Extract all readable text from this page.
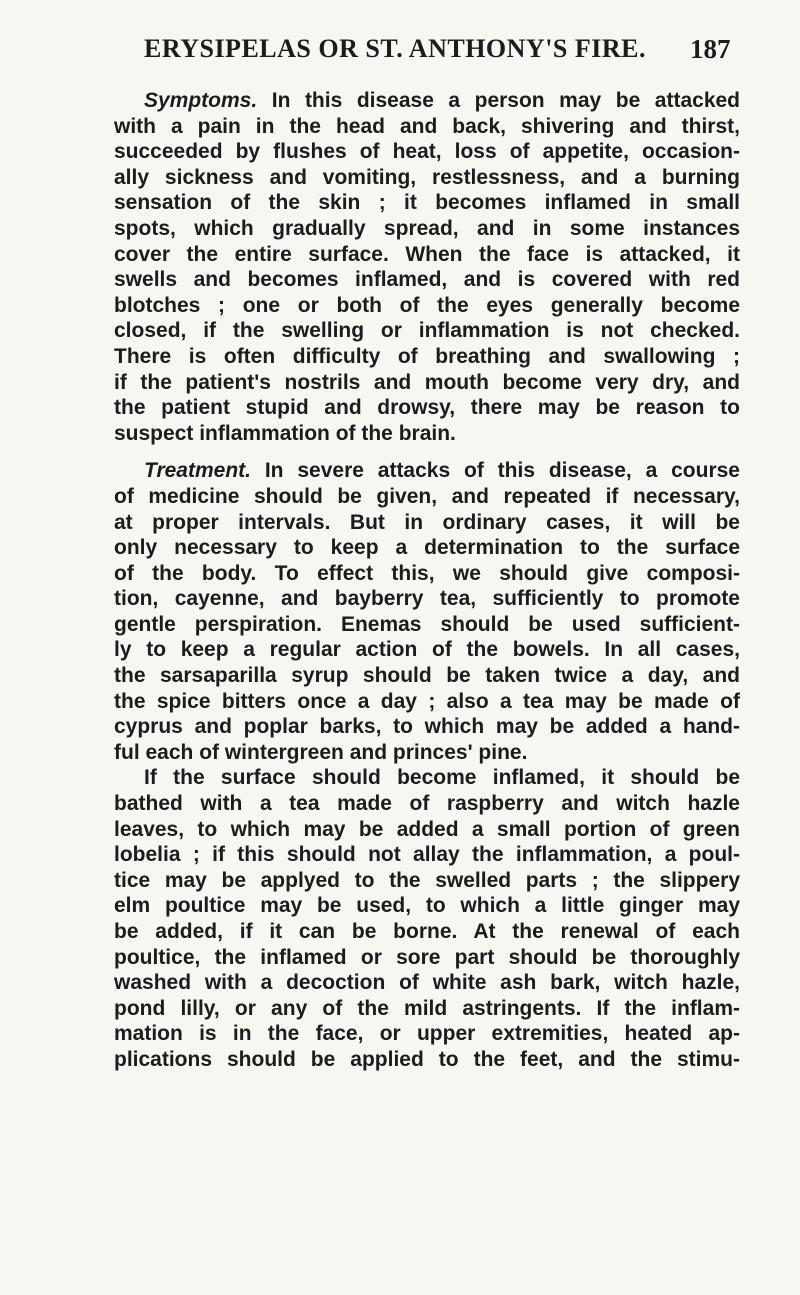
ERYSIPELAS OR ST. ANTHONY'S FIRE. 187
Symptoms. In this disease a person may be attacked
with a pain in the head and back, shivering and thirst,
succeeded by flushes of heat, loss of appetite, occasion-
ally sickness and vomiting, restlessness, and a burning
sensation of the skin ; it becomes inflamed in small
spots, which gradually spread, and in some instances
cover the entire surface. When the face is attacked, it
swells and becomes inflamed, and is covered with red
blotches ; one or both of the eyes generally become
closed, if the swelling or inflammation is not checked.
There is often difficulty of breathing and swallowing ;
if the patient's nostrils and mouth become very dry, and
the patient stupid and drowsy, there may be reason to
suspect inflammation of the brain.
Treatment. In severe attacks of this disease, a course
of medicine should be given, and repeated if necessary,
at proper intervals. But in ordinary cases, it will be
only necessary to keep a determination to the surface
of the body. To effect this, we should give composi-
tion, cayenne, and bayberry tea, sufficiently to promote
gentle perspiration. Enemas should be used sufficient-
ly to keep a regular action of the bowels. In all cases,
the sarsaparilla syrup should be taken twice a day, and
the spice bitters once a day ; also a tea may be made of
cyprus and poplar barks, to which may be added a hand-
ful each of wintergreen and princes' pine.
If the surface should become inflamed, it should be
bathed with a tea made of raspberry and witch hazle
leaves, to which may be added a small portion of green
lobelia ; if this should not allay the inflammation, a poul-
tice may be applyed to the swelled parts ; the slippery
elm poultice may be used, to which a little ginger may
be added, if it can be borne. At the renewal of each
poultice, the inflamed or sore part should be thoroughly
washed with a decoction of white ash bark, witch hazle,
pond lilly, or any of the mild astringents. If the inflam-
mation is in the face, or upper extremities, heated ap-
plications should be applied to the feet, and the stimu-
